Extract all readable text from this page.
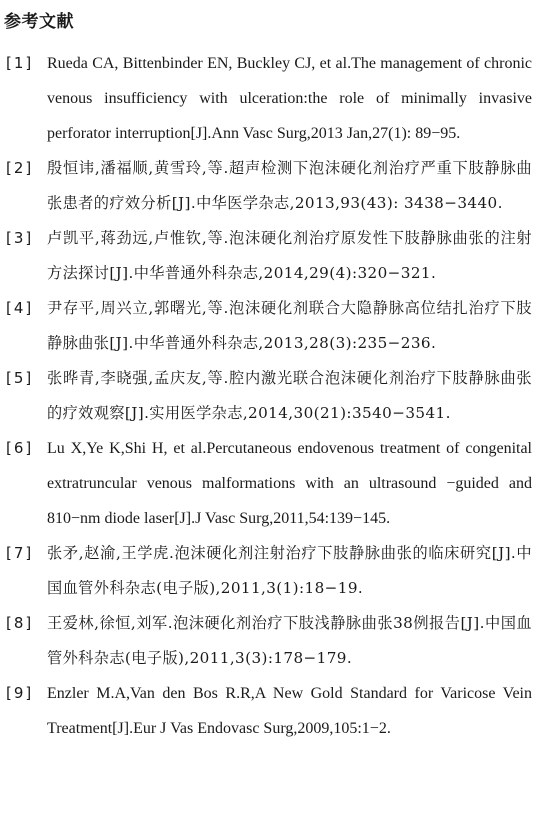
参考文献
[1] Rueda CA, Bittenbinder EN, Buckley CJ, et al.The management of chronic venous insufficiency with ulceration:the role of minimally invasive perforator interruption[J].Ann Vasc Surg,2013 Jan,27(1): 89−95.
[2] 殷恒讳,潘福顺,黄雪玲,等.超声检测下泡沫硬化剂治疗严重下肢静脉曲张患者的疗效分析[J].中华医学杂志,2013,93(43): 3438−3440.
[3] 卢凯平,蒋劲远,卢惟钦,等.泡沫硬化剂治疗原发性下肢静脉曲张的注射方法探讨[J].中华普通外科杂志,2014,29(4):320−321.
[4] 尹存平,周兴立,郭曙光,等.泡沫硬化剂联合大隐静脉高位结扎治疗下肢静脉曲张[J].中华普通外科杂志,2013,28(3):235−236.
[5] 张晔青,李晓强,孟庆友,等.腔内激光联合泡沫硬化剂治疗下肢静脉曲张的疗效观察[J].实用医学杂志,2014,30(21):3540−3541.
[6] Lu X,Ye K,Shi H, et al.Percutaneous endovenous treatment of congenital extratruncular venous malformations with an ultrasound −guided and 810−nm diode laser[J].J Vasc Surg,2011,54:139−145.
[7] 张矛,赵渝,王学虎.泡沫硬化剂注射治疗下肢静脉曲张的临床研究[J].中国血管外科杂志(电子版),2011,3(1):18−19.
[8] 王爱林,徐恒,刘军.泡沫硬化剂治疗下肢浅静脉曲张38例报告[J].中国血管外科杂志(电子版),2011,3(3):178−179.
[9] Enzler M.A,Van den Bos R.R,A New Gold Standard for Varicose Vein Treatment[J].Eur J Vas Endovasc Surg,2009,105:1−2.
